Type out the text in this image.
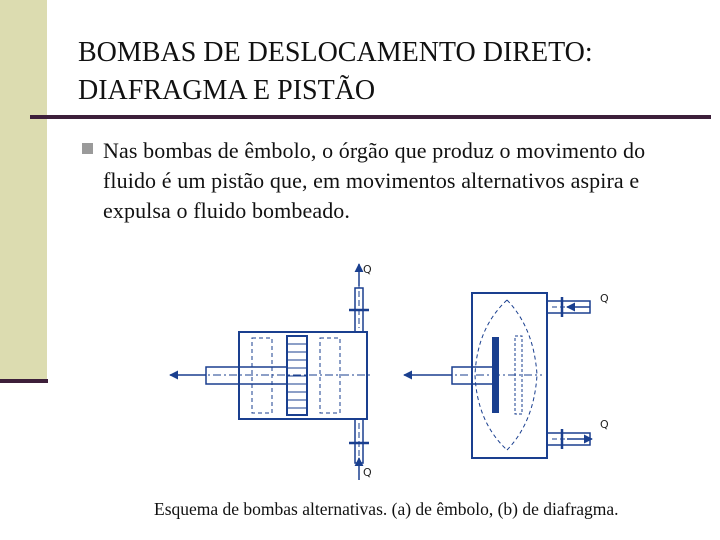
BOMBAS DE DESLOCAMENTO DIRETO:
DIAFRAGMA E PISTÃO
Nas bombas de êmbolo, o órgão que produz o movimento do fluido é um pistão que, em movimentos alternativos aspira e expulsa o fluido bombeado.
Q
Q
Q
Q
Esquema de bombas alternativas. (a) de êmbolo, (b) de diafragma.
